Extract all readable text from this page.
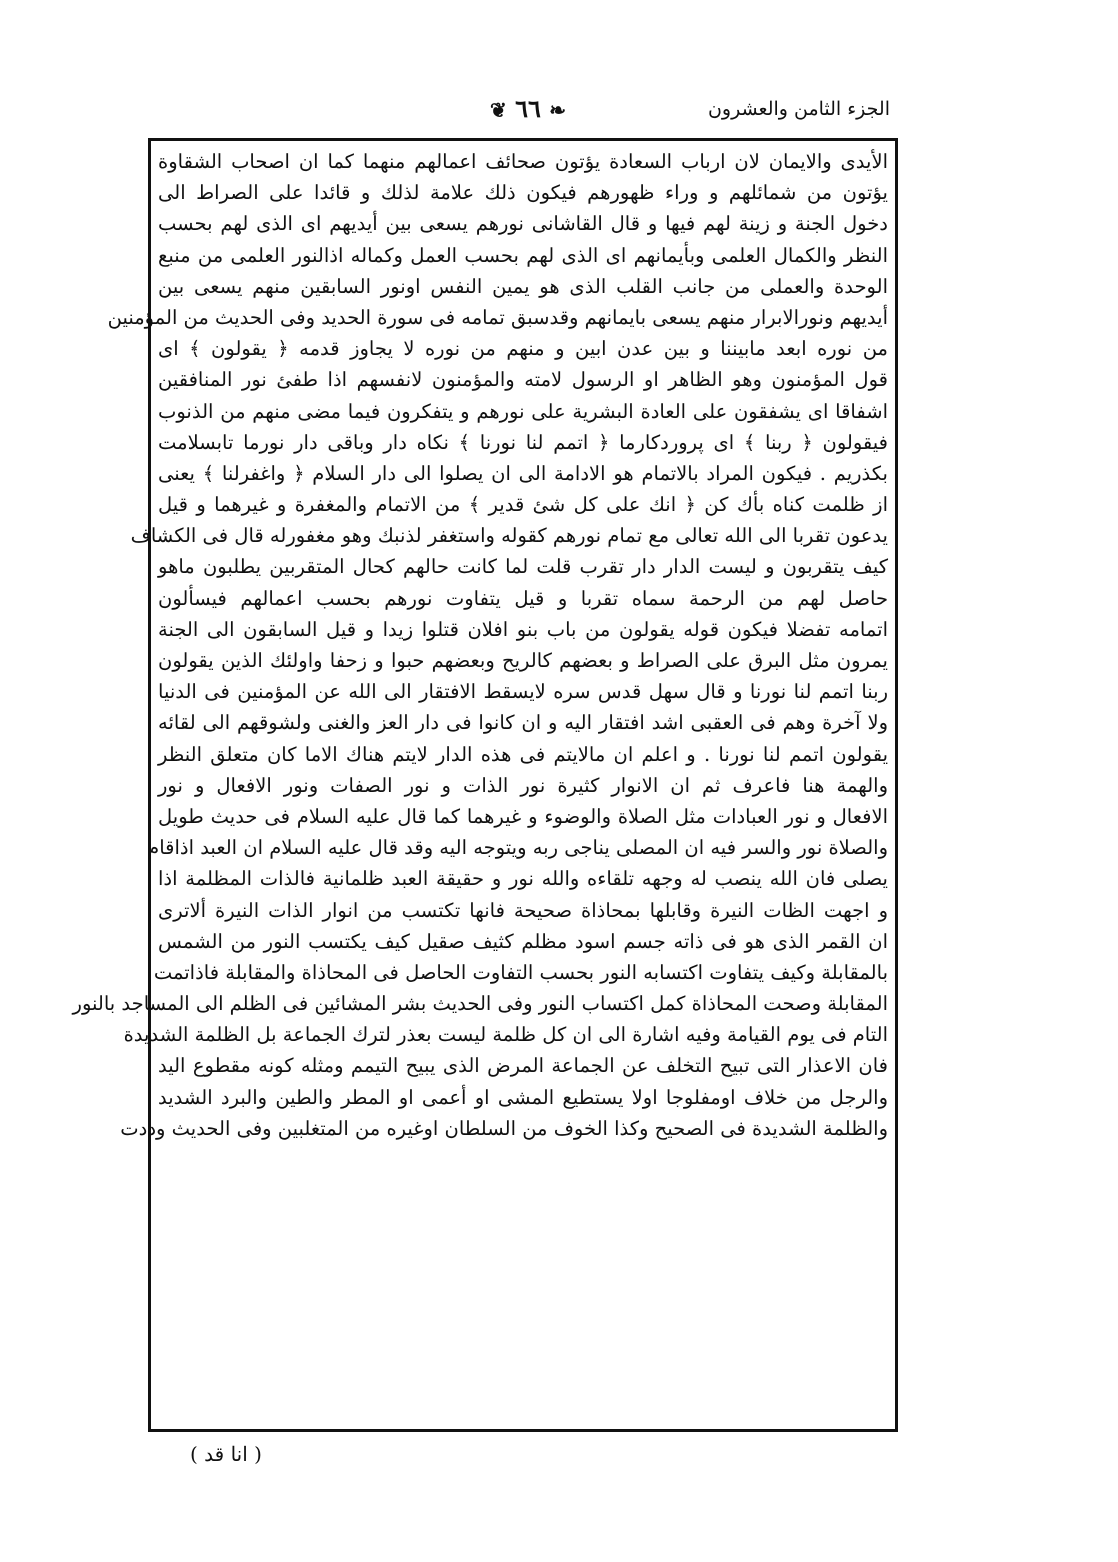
الجزء الثامن والعشرون
❧ ٦٦ ❦
الأيدى والايمان لان ارباب السعادة يؤتون صحائف اعمالهم منهما كما ان اصحاب الشقاوة
يؤتون من شمائلهم و وراء ظهورهم فيكون ذلك علامة لذلك و قائدا على الصراط الى
دخول الجنة و زينة لهم فيها و قال القاشانى نورهم يسعى بين أيديهم اى الذى لهم بحسب
النظر والكمال العلمى وبأيمانهم اى الذى لهم بحسب العمل وكماله اذالنور العلمى من منبع
الوحدة والعملى من جانب القلب الذى هو يمين النفس اونور السابقين منهم يسعى بين
أيديهم ونورالابرار منهم يسعى بايمانهم وقدسبق تمامه فى سورة الحديد وفى الحديث من المؤمنين
من نوره ابعد مابيننا و بين عدن ابين و منهم من نوره لا يجاوز قدمه ﴿ يقولون ﴾ اى
قول المؤمنون وهو الظاهر او الرسول لامته والمؤمنون لانفسهم اذا طفئ نور المنافقين
اشفاقا اى يشفقون على العادة البشرية على نورهم و يتفكرون فيما مضى منهم من الذنوب
فيقولون ﴿ ربنا ﴾ اى پروردكارما ﴿ اتمم لنا نورنا ﴾ نكاه دار وباقى دار نورما تابسلامت
بكذريم . فيكون المراد بالاتمام هو الادامة الى ان يصلوا الى دار السلام ﴿ واغفرلنا ﴾ يعنى
از ظلمت كناه بأك كن ﴿ انك على كل شئ قدير ﴾ من الاتمام والمغفرة و غيرهما و قيل
يدعون تقربا الى الله تعالى مع تمام نورهم كقوله واستغفر لذنبك وهو مغفورله قال فى الكشاف
كيف يتقربون و ليست الدار دار تقرب قلت لما كانت حالهم كحال المتقربين يطلبون ماهو
حاصل لهم من الرحمة سماه تقربا و قيل يتفاوت نورهم بحسب اعمالهم فيسألون
اتمامه تفضلا فيكون قوله يقولون من باب بنو افلان قتلوا زيدا و قيل السابقون الى الجنة
يمرون مثل البرق على الصراط و بعضهم كالريح وبعضهم حبوا و زحفا واولئك الذين يقولون
ربنا اتمم لنا نورنا و قال سهل قدس سره لايسقط الافتقار الى الله عن المؤمنين فى الدنيا
ولا آخرة وهم فى العقبى اشد افتقار اليه و ان كانوا فى دار العز والغنى ولشوقهم الى لقائه
يقولون اتمم لنا نورنا . و اعلم ان مالايتم فى هذه الدار لايتم هناك الاما كان متعلق النظر
والهمة هنا فاعرف ثم ان الانوار كثيرة نور الذات و نور الصفات ونور الافعال و نور
الافعال و نور العبادات مثل الصلاة والوضوء و غيرهما كما قال عليه السلام فى حديث طويل
والصلاة نور والسر فيه ان المصلى يناجى ربه ويتوجه اليه وقد قال عليه السلام ان العبد اذاقام
يصلى فان الله ينصب له وجهه تلقاءه والله نور و حقيقة العبد ظلمانية فالذات المظلمة اذا
و اجهت الظات النيرة وقابلها بمحاذاة صحيحة فانها تكتسب من انوار الذات النيرة ألاترى
ان القمر الذى هو فى ذاته جسم اسود مظلم كثيف صقيل كيف يكتسب النور من الشمس
بالمقابلة وكيف يتفاوت اكتسابه النور بحسب التفاوت الحاصل فى المحاذاة والمقابلة فاذاتمت
المقابلة وصحت المحاذاة كمل اكتساب النور وفى الحديث بشر المشائين فى الظلم الى المساجد بالنور
التام فى يوم القيامة وفيه اشارة الى ان كل ظلمة ليست بعذر لترك الجماعة بل الظلمة الشديدة
فان الاعذار التى تبيح التخلف عن الجماعة المرض الذى يبيح التيمم ومثله كونه مقطوع اليد
والرجل من خلاف اومفلوجا اولا يستطيع المشى او أعمى او المطر والطين والبرد الشديد
والظلمة الشديدة فى الصحيح وكذا الخوف من السلطان اوغيره من المتغلبين وفى الحديث وددت
( انا قد )
